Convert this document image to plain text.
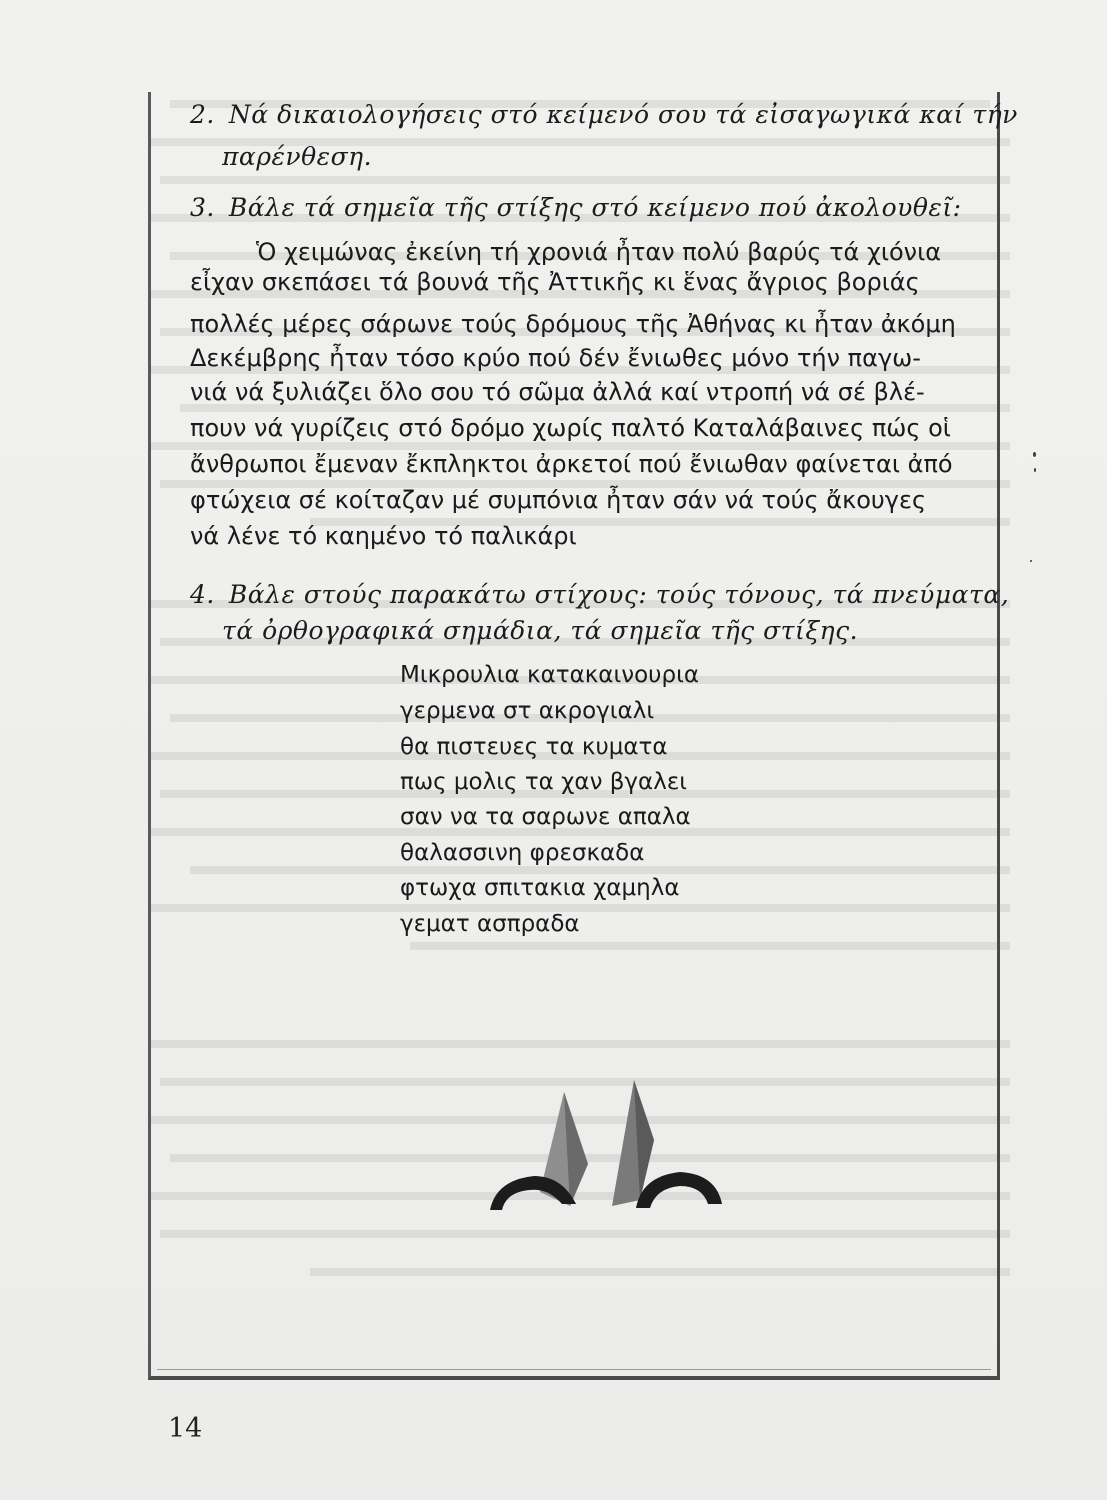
2. Νά δικαιολογήσεις στό κείμενό σου τά εἰσαγωγικά καί τήν
παρένθεση.
3. Βάλε τά σημεῖα τῆς στίξης στό κείμενο πού ἀκολουθεῖ:
Ὁ χειμώνας ἐκείνη τή χρονιά ἦταν πολύ βαρύς τά χιόνια
εἶχαν σκεπάσει τά βουνά τῆς Ἀττικῆς κι ἕνας ἄγριος βοριάς
πολλές μέρες σάρωνε τούς δρόμους τῆς Ἀθήνας κι ἦταν ἀκόμη
Δεκέμβρης ἦταν τόσο κρύο πού δέν ἔνιωθες μόνο τήν παγω-
νιά νά ξυλιάζει ὅλο σου τό σῶμα ἀλλά καί ντροπή νά σέ βλέ-
πουν νά γυρίζεις στό δρόμο χωρίς παλτό Καταλάβαινες πώς οἱ
ἄνθρωποι ἔμεναν ἔκπληκτοι ἀρκετοί πού ἔνιωθαν φαίνεται ἀπό
φτώχεια σέ κοίταζαν μέ συμπόνια ἦταν σάν νά τούς ἄκουγες
νά λένε τό καημένο τό παλικάρι
4. Βάλε στούς παρακάτω στίχους: τούς τόνους, τά πνεύματα,
τά ὀρθογραφικά σημάδια, τά σημεῖα τῆς στίξης.
Μικρουλια κατακαινουρια
γερμενα στ ακρογιαλι
θα πιστευες τα κυματα
πως μολις τα χαν βγαλει
σαν να τα σαρωνε απαλα
θαλασσινη φρεσκαδα
φτωχα σπιτακια χαμηλα
γεματ ασπραδα
14
